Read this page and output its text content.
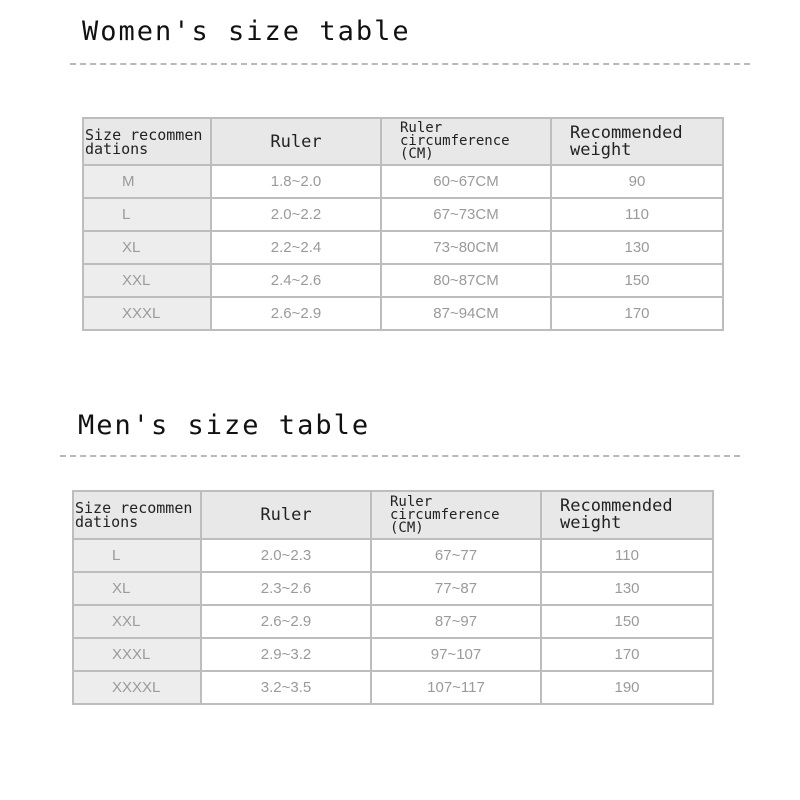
Women's size table
Size recommendations	Ruler	Ruler circumference (CM)	Recommended weight
M	1.8~2.0	60~67CM	90
L	2.0~2.2	67~73CM	110
XL	2.2~2.4	73~80CM	130
XXL	2.4~2.6	80~87CM	150
XXXL	2.6~2.9	87~94CM	170
Men's size table
Size recommendations	Ruler	Ruler circumference (CM)	Recommended weight
L	2.0~2.3	67~77	110
XL	2.3~2.6	77~87	130
XXL	2.6~2.9	87~97	150
XXXL	2.9~3.2	97~107	170
XXXXL	3.2~3.5	107~117	190
